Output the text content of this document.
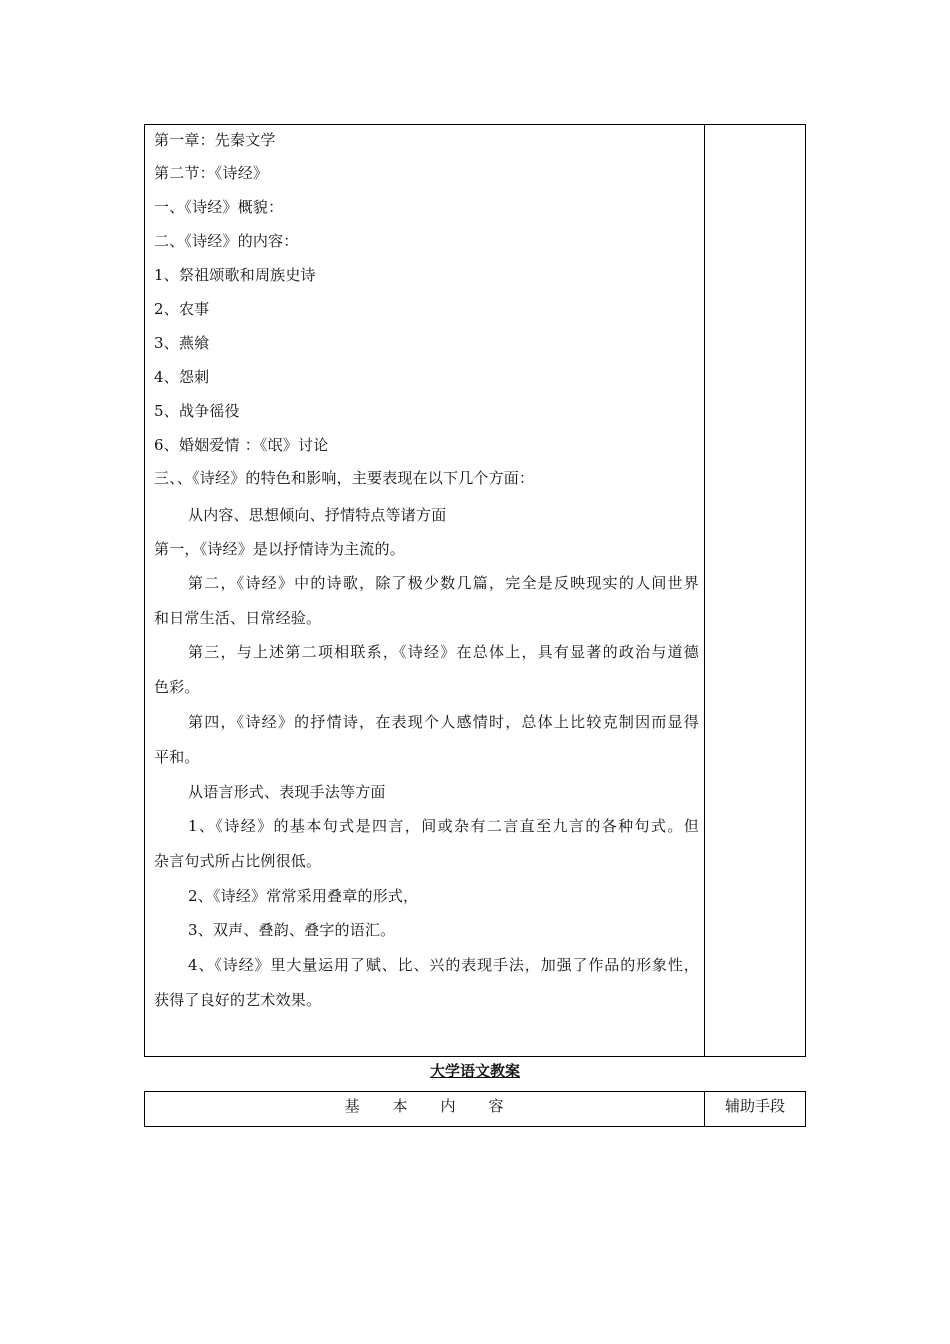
第一章：先秦文学
第二节：《诗经》
一、《诗经》概貌：
二、《诗经》的内容：
1、祭祖颂歌和周族史诗
2、农事
3、燕飨
4、怨刺
5、战争徭役
6、婚姻爱情 ：《氓》讨论
三、、《诗经》的特色和影响，主要表现在以下几个方面：
从内容、思想倾向、抒情特点等诸方面
第一，《诗经》是以抒情诗为主流的。
第二，《诗经》中的诗歌，除了极少数几篇，完全是反映现实的人间世界
和日常生活、日常经验。
第三，与上述第二项相联系，《诗经》在总体上，具有显著的政治与道德
色彩。
第四，《诗经》的抒情诗，在表现个人感情时，总体上比较克制因而显得
平和。
从语言形式、表现手法等方面
1、《诗经》的基本句式是四言，间或杂有二言直至九言的各种句式。但
杂言句式所占比例很低。
2、《诗经》常常采用叠章的形式，
3、双声、叠韵、叠字的语汇。
4、《诗经》里大量运用了赋、比、兴的表现手法，加强了作品的形象性，
获得了良好的艺术效果。
大学语文教案
基　　本　　内　　容	辅助手段
